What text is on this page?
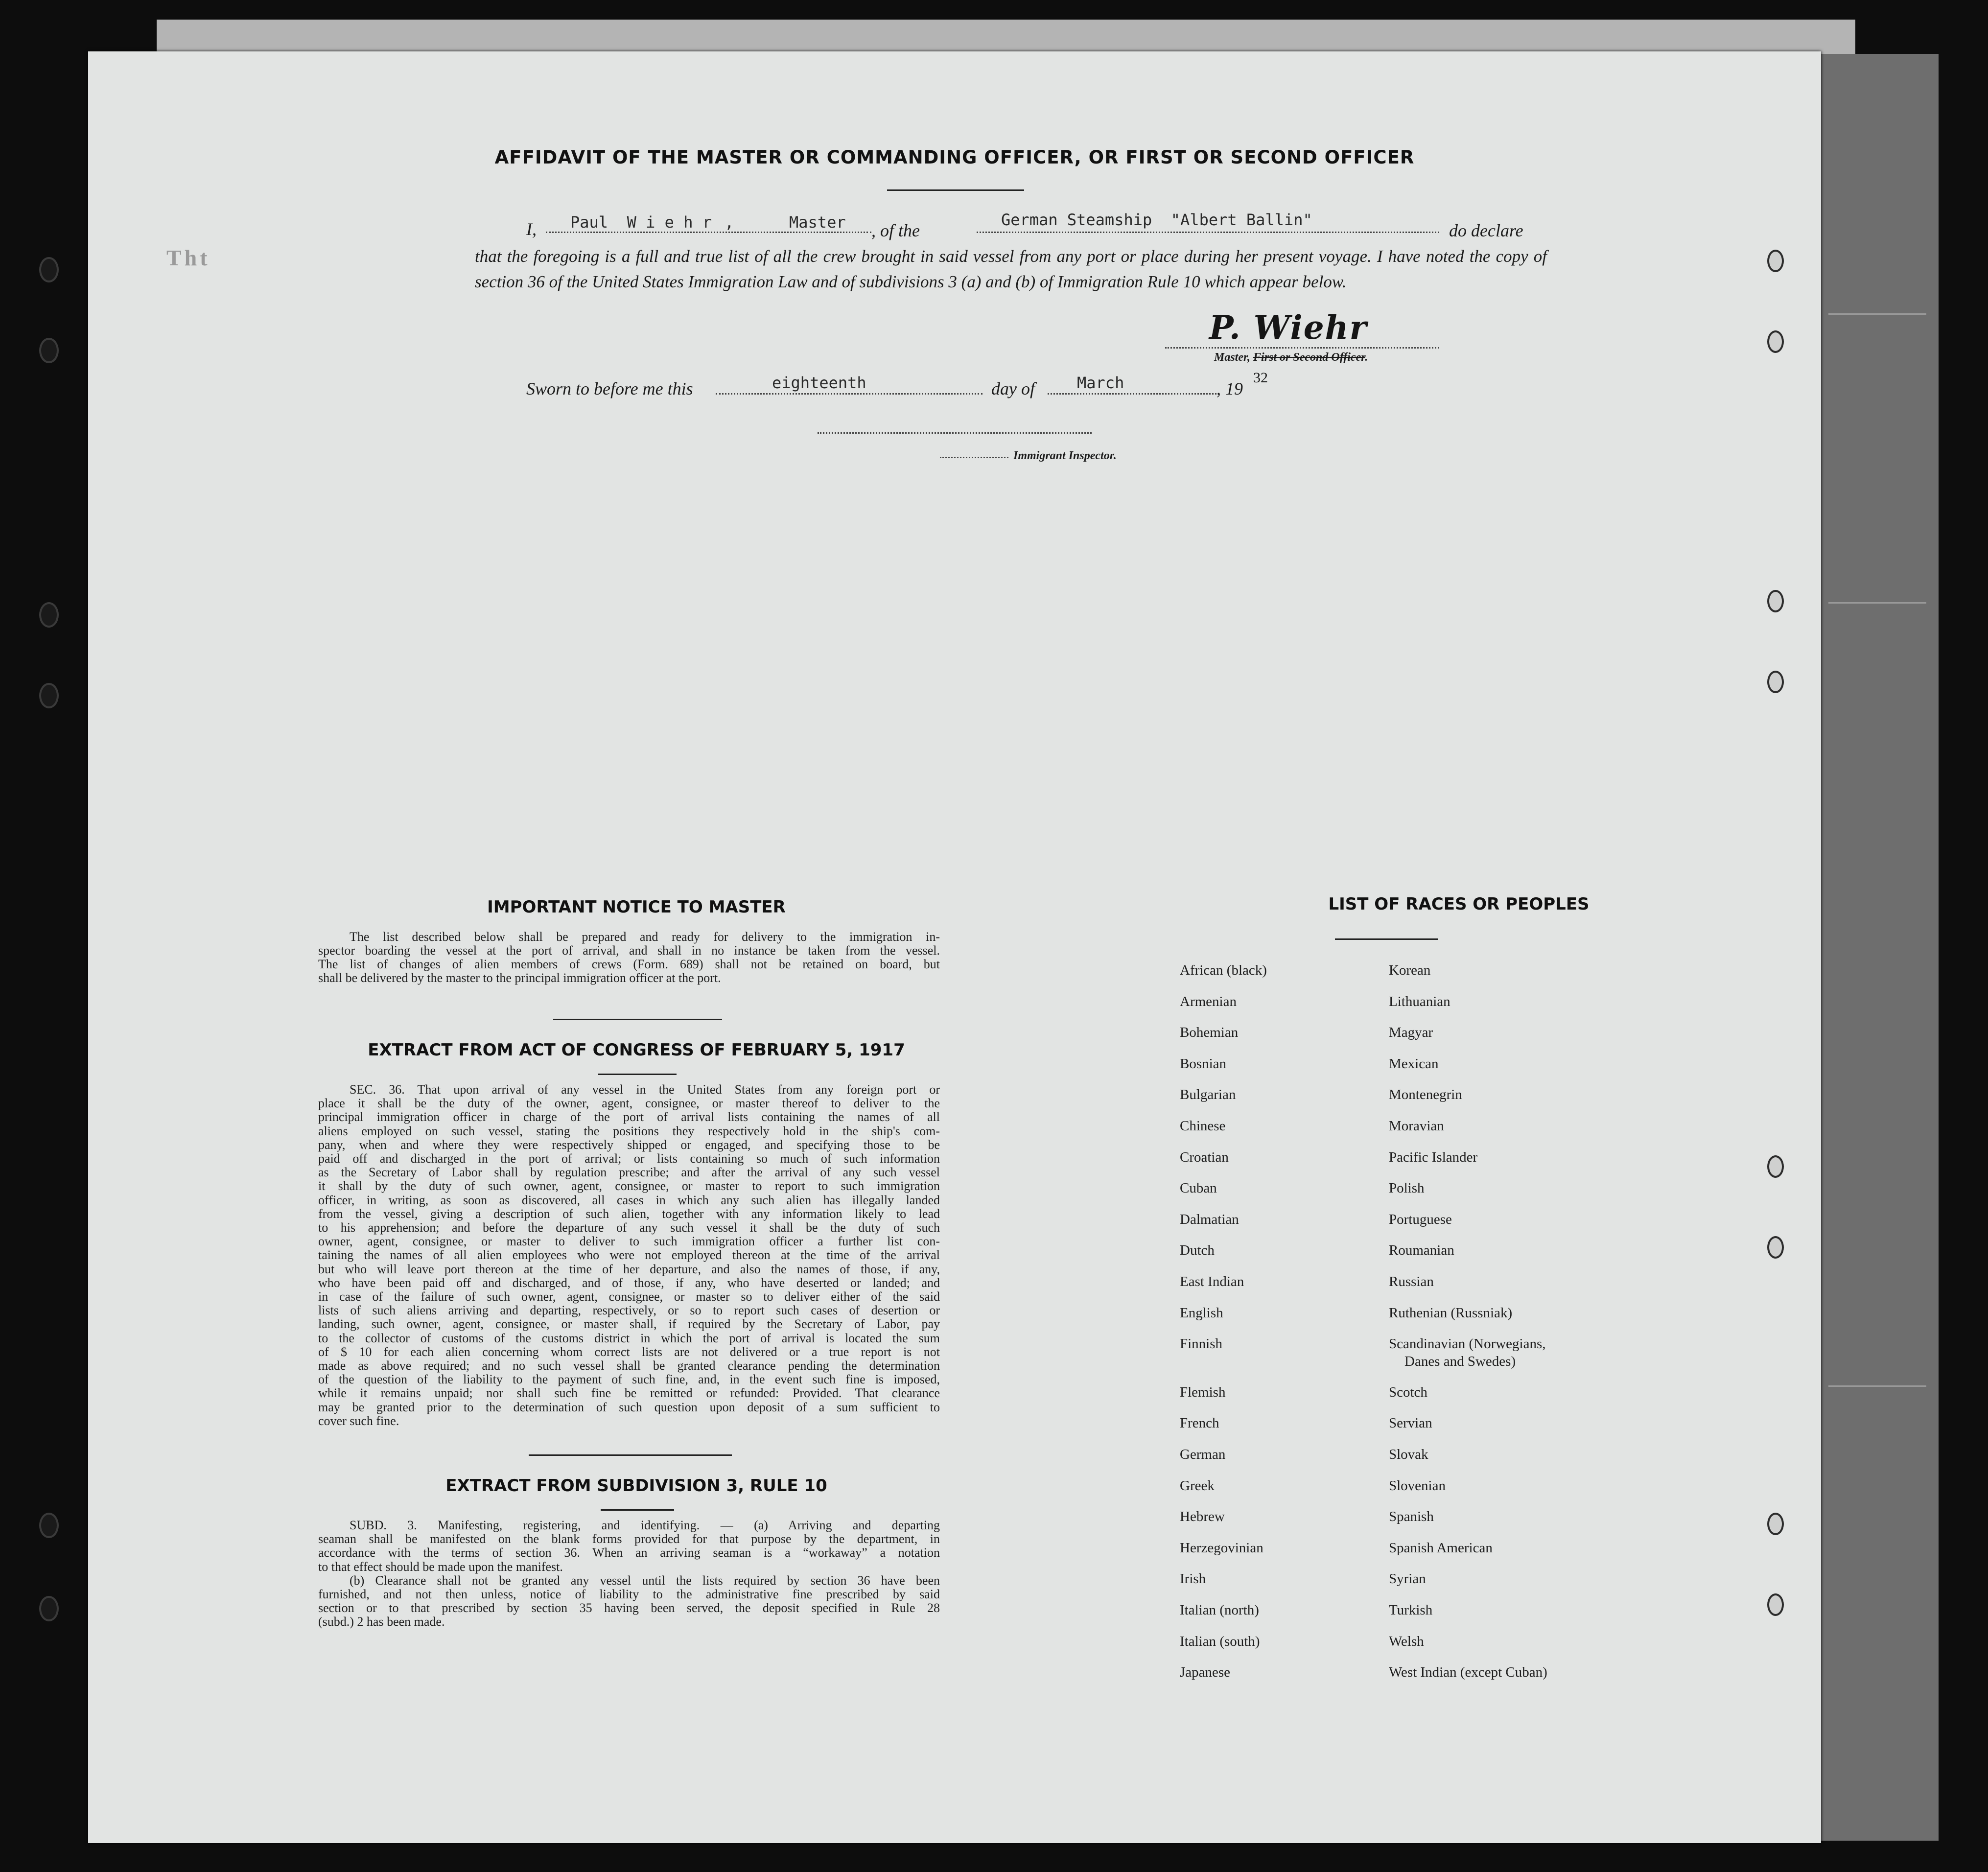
Tht
AFFIDAVIT OF THE MASTER OR COMMANDING OFFICER, OR FIRST OR SECOND OFFICER
I, Paul  W i e h r ,	Master , of the
German Steamship  "Albert Ballin"
do declare
that the foregoing is a full and true list of all the crew brought in said vessel from any port or place during her present voyage. I have noted the copy of section 36 of the United States Immigration Law and of subdivisions 3 (a) and (b) of Immigration Rule 10 which appear below.
P. Wiehr
Master, First or Second Officer.
Sworn to before me this	eighteenth	day of	March	, 19
32
Immigrant Inspector.
IMPORTANT NOTICE TO MASTER
The list described below shall be prepared and ready for delivery to the immigration in-
spector boarding the vessel at the port of arrival, and shall in no instance be taken from the vessel.
The list of changes of alien members of crews (Form. 689) shall not be retained on board, but
shall be delivered by the master to the principal immigration officer at the port.
EXTRACT FROM ACT OF CONGRESS OF FEBRUARY 5, 1917
SEC. 36. That upon arrival of any vessel in the United States from any foreign port or
place it shall be the duty of the owner, agent, consignee, or master thereof to deliver to the
principal immigration officer in charge of the port of arrival lists containing the names of all
aliens employed on such vessel, stating the positions they respectively hold in the ship's com-
pany, when and where they were respectively shipped or engaged, and specifying those to be
paid off and discharged in the port of arrival; or lists containing so much of such information
as the Secretary of Labor shall by regulation prescribe; and after the arrival of any such vessel
it shall by the duty of such owner, agent, consignee, or master to report to such immigration
officer, in writing, as soon as discovered, all cases in which any such alien has illegally landed
from the vessel, giving a description of such alien, together with any information likely to lead
to his apprehension; and before the departure of any such vessel it shall be the duty of such
owner, agent, consignee, or master to deliver to such immigration officer a further list con-
taining the names of all alien employees who were not employed thereon at the time of the arrival
but who will leave port thereon at the time of her departure, and also the names of those, if any,
who have been paid off and discharged, and of those, if any, who have deserted or landed; and
in case of the failure of such owner, agent, consignee, or master so to deliver either of the said
lists of such aliens arriving and departing, respectively, or so to report such cases of desertion or
landing, such owner, agent, consignee, or master shall, if required by the Secretary of Labor, pay
to the collector of customs of the customs district in which the port of arrival is located the sum
of $ 10 for each alien concerning whom correct lists are not delivered or a true report is not
made as above required; and no such vessel shall be granted clearance pending the determination
of the question of the liability to the payment of such fine, and, in the event such fine is imposed,
while it remains unpaid; nor shall such fine be remitted or refunded: Provided. That clearance
may be granted prior to the determination of such question upon deposit of a sum sufficient to
cover such fine.
EXTRACT FROM SUBDIVISION 3, RULE 10
SUBD. 3. Manifesting, registering, and identifying. — (a) Arriving and departing
seaman shall be manifested on the blank forms provided for that purpose by the department, in
accordance with the terms of section 36. When an arriving seaman is a “workaway” a notation
to that effect should be made upon the manifest.
(b) Clearance shall not be granted any vessel until the lists required by section 36 have been
furnished, and not then unless, notice of liability to the administrative fine prescribed by said
section or to that prescribed by section 35 having been served, the deposit specified in Rule 28
(subd.) 2 has been made.
LIST OF RACES OR PEOPLES
African (black)
Armenian
Bohemian
Bosnian
Bulgarian
Chinese
Croatian
Cuban
Dalmatian
Dutch
East Indian
English
Finnish
Flemish
French
German
Greek
Hebrew
Herzegovinian
Irish
Italian (north)
Italian (south)
Japanese
Korean
Lithuanian
Magyar
Mexican
Montenegrin
Moravian
Pacific Islander
Polish
Portuguese
Roumanian
Russian
Ruthenian (Russniak)
Scandinavian (Norwegians,
Danes and Swedes)
Scotch
Servian
Slovak
Slovenian
Spanish
Spanish American
Syrian
Turkish
Welsh
West Indian (except Cuban)
